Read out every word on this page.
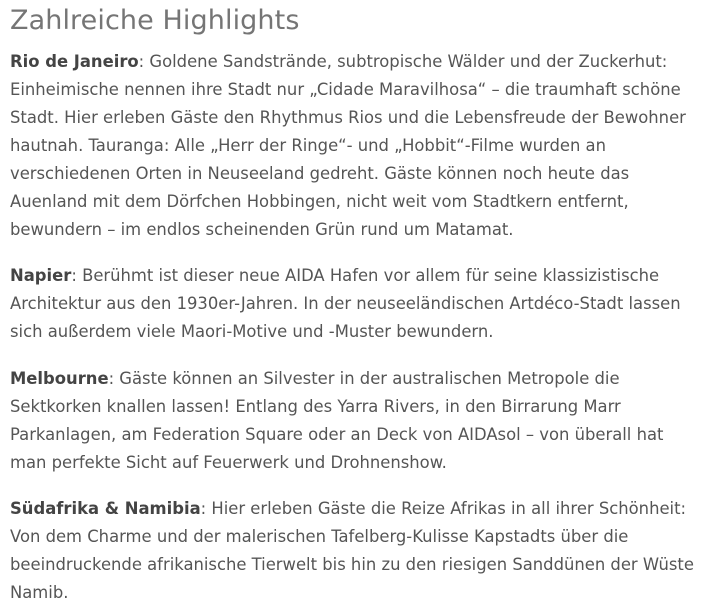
Zahlreiche Highlights

Rio de Janeiro: Goldene Sandstrände, subtropische Wälder und der Zuckerhut: Einheimische nennen ihre Stadt nur „Cidade Maravilhosa“ – die traumhaft schöne Stadt. Hier erleben Gäste den Rhythmus Rios und die Lebensfreude der Bewohner hautnah. Tauranga: Alle „Herr der Ringe“- und „Hobbit“-Filme wurden an verschiedenen Orten in Neuseeland gedreht. Gäste können noch heute das Auenland mit dem Dörfchen Hobbingen, nicht weit vom Stadtkern entfernt, bewundern – im endlos scheinenden Grün rund um Matamat.

Napier: Berühmt ist dieser neue AIDA Hafen vor allem für seine klassizistische Architektur aus den 1930er-Jahren. In der neuseeländischen Artdéco-Stadt lassen sich außerdem viele Maori-Motive und -Muster bewundern.

Melbourne: Gäste können an Silvester in der australischen Metropole die Sektkorken knallen lassen! Entlang des Yarra Rivers, in den Birrarung Marr Parkanlagen, am Federation Square oder an Deck von AIDAsol – von überall hat man perfekte Sicht auf Feuerwerk und Drohnenshow.

Südafrika & Namibia: Hier erleben Gäste die Reize Afrikas in all ihrer Schönheit: Von dem Charme und der malerischen Tafelberg-Kulisse Kapstadts über die beeindruckende afrikanische Tierwelt bis hin zu den riesigen Sanddünen der Wüste Namib.
